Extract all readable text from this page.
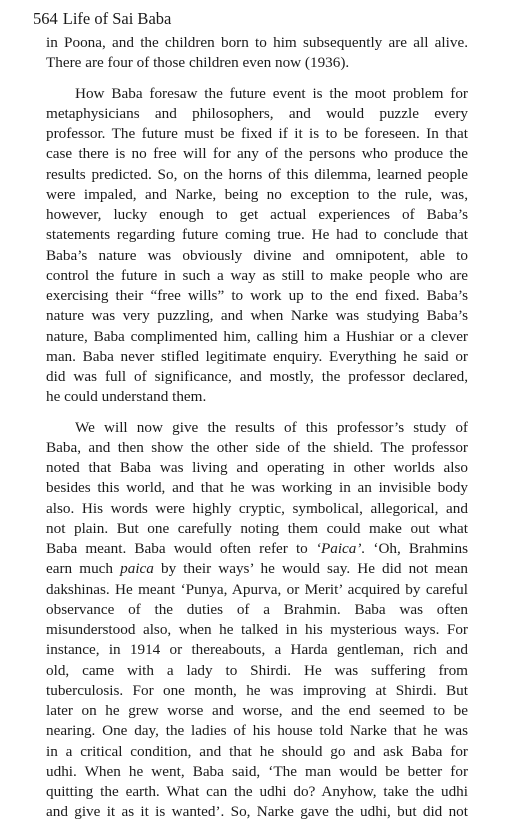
564 Life of Sai Baba
in Poona, and the children born to him subsequently are all alive.
There are four of those children even now (1936).
How Baba foresaw the future event is the moot problem for
metaphysicians and philosophers, and would puzzle every
professor. The future must be fixed if it is to be foreseen. In that
case there is no free will for any of the persons who produce the
results predicted. So, on the horns of this dilemma, learned people
were impaled, and Narke, being no exception to the rule, was,
however, lucky enough to get actual experiences of Baba’s
statements regarding future coming true. He had to conclude that
Baba’s nature was obviously divine and omnipotent, able to
control the future in such a way as still to make people who are
exercising their “free wills” to work up to the end fixed. Baba’s
nature was very puzzling, and when Narke was studying Baba’s
nature, Baba complimented him, calling him a Hushiar or a clever
man. Baba never stifled legitimate enquiry. Everything he said or
did was full of significance, and mostly, the professor declared,
he could understand them.
We will now give the results of this professor’s study of
Baba, and then show the other side of the shield. The professor
noted that Baba was living and operating in other worlds also
besides this world, and that he was working in an invisible body
also. His words were highly cryptic, symbolical, allegorical, and
not plain. But one carefully noting them could make out what
Baba meant. Baba would often refer to ‘Paica’. ‘Oh, Brahmins
earn much paica by their ways’ he would say. He did not mean
dakshinas. He meant ‘Punya, Apurva, or Merit’ acquired by careful
observance of the duties of a Brahmin. Baba was often
misunderstood also, when he talked in his mysterious ways. For
instance, in 1914 or thereabouts, a Harda gentleman, rich and
old, came with a lady to Shirdi. He was suffering from
tuberculosis. For one month, he was improving at Shirdi. But
later on he grew worse and worse, and the end seemed to be
nearing. One day, the ladies of his house told Narke that he was
in a critical condition, and that he should go and ask Baba for
udhi. When he went, Baba said, ‘The man would be better for
quitting the earth. What can the udhi do? Anyhow, take the udhi
and give it as it is wanted’. So, Narke gave the udhi, but did not
